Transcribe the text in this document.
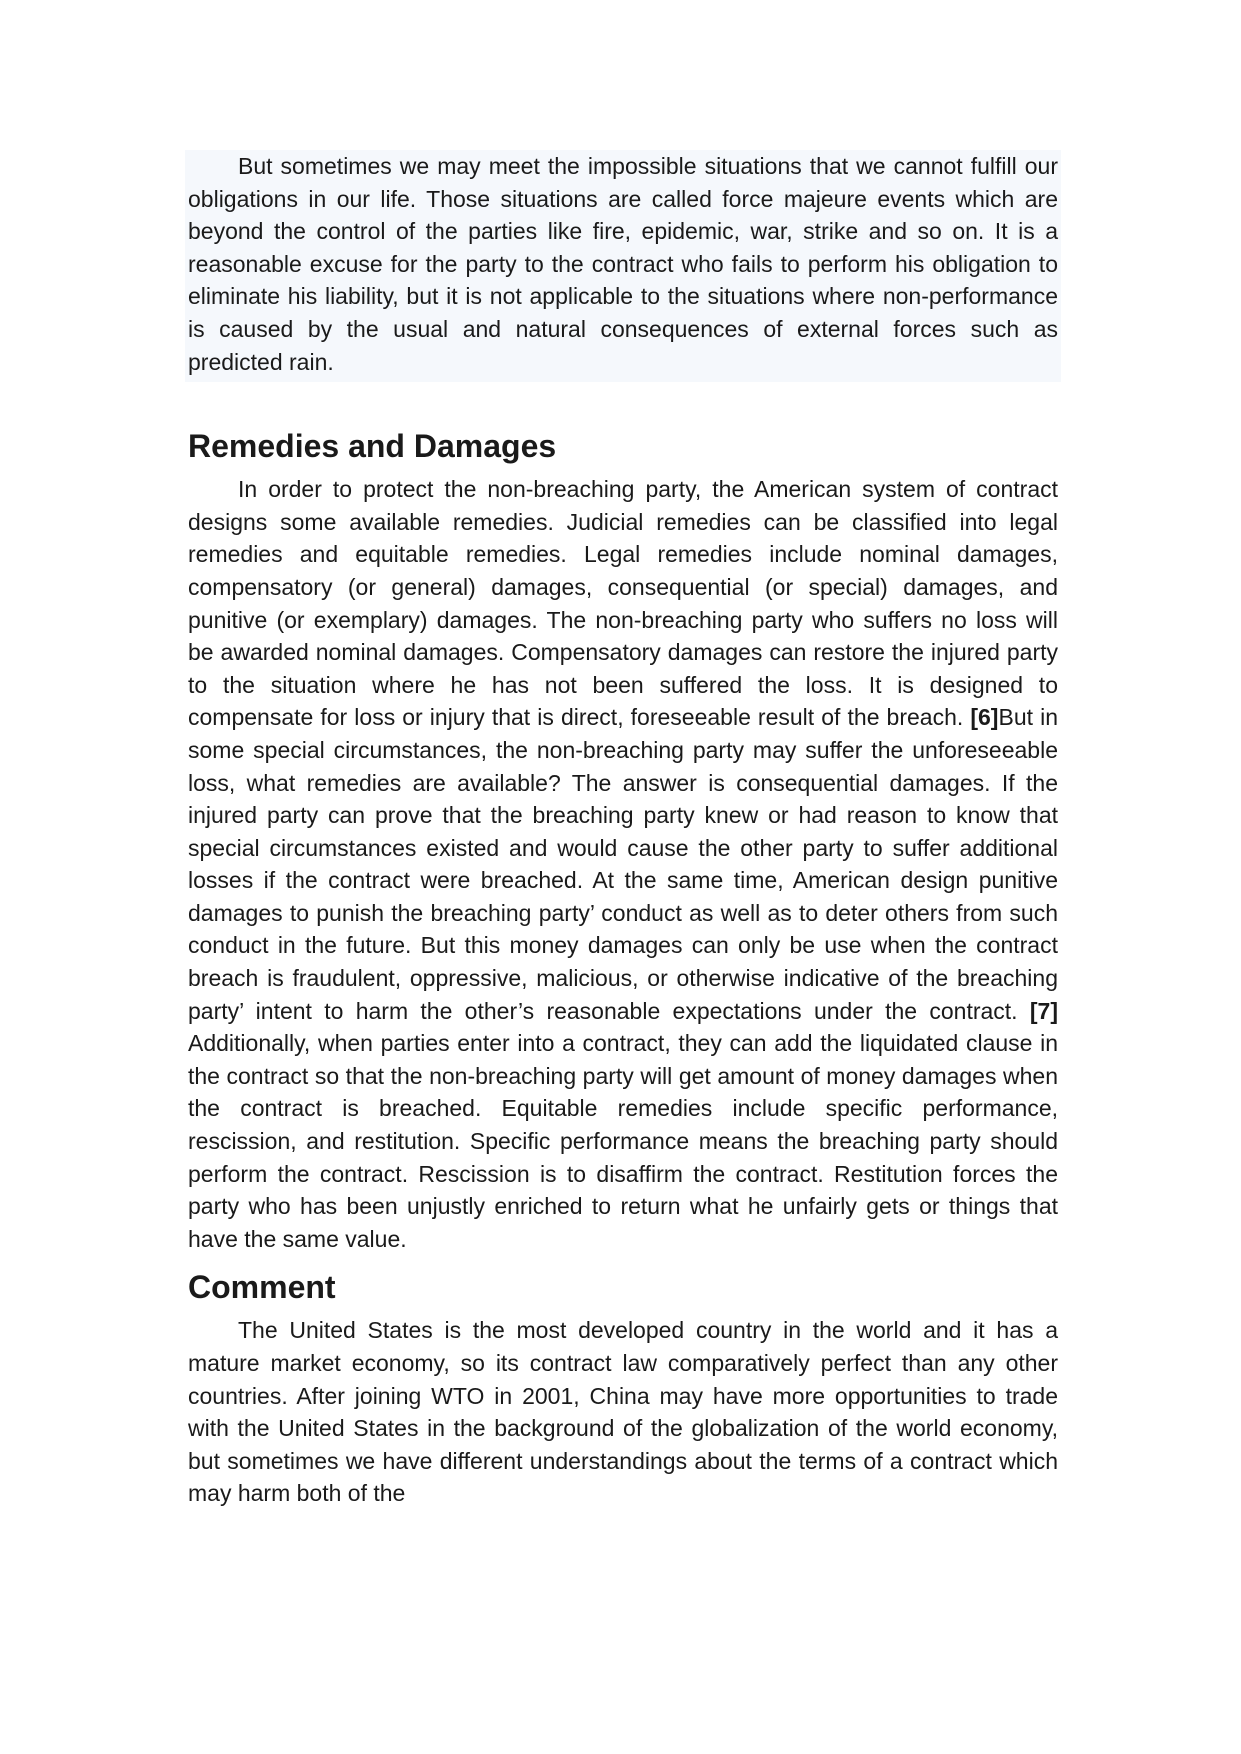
But sometimes we may meet the impossible situations that we cannot fulfill our obligations in our life. Those situations are called force majeure events which are beyond the control of the parties like fire, epidemic, war, strike and so on. It is a reasonable excuse for the party to the contract who fails to perform his obligation to eliminate his liability, but it is not applicable to the situations where non-performance is caused by the usual and natural consequences of external forces such as predicted rain.

Remedies and Damages

In order to protect the non-breaching party, the American system of contract designs some available remedies. Judicial remedies can be classified into legal remedies and equitable remedies. Legal remedies include nominal damages, compensatory (or general) damages, consequential (or special) damages, and punitive (or exemplary) damages. The non-breaching party who suffers no loss will be awarded nominal damages. Compensatory damages can restore the injured party to the situation where he has not been suffered the loss. It is designed to compensate for loss or injury that is direct, foreseeable result of the breach. [6]But in some special circumstances, the non-breaching party may suffer the unforeseeable loss, what remedies are available? The answer is consequential damages. If the injured party can prove that the breaching party knew or had reason to know that special circumstances existed and would cause the other party to suffer additional losses if the contract were breached. At the same time, American design punitive damages to punish the breaching party’ conduct as well as to deter others from such conduct in the future. But this money damages can only be use when the contract breach is fraudulent, oppressive, malicious, or otherwise indicative of the breaching party’ intent to harm the other’s reasonable expectations under the contract. [7] Additionally, when parties enter into a contract, they can add the liquidated clause in the contract so that the non-breaching party will get amount of money damages when the contract is breached. Equitable remedies include specific performance, rescission, and restitution. Specific performance means the breaching party should perform the contract. Rescission is to disaffirm the contract. Restitution forces the party who has been unjustly enriched to return what he unfairly gets or things that have the same value.

Comment

The United States is the most developed country in the world and it has a mature market economy, so its contract law comparatively perfect than any other countries. After joining WTO in 2001, China may have more opportunities to trade with the United States in the background of the globalization of the world economy, but sometimes we have different understandings about the terms of a contract which may harm both of the
